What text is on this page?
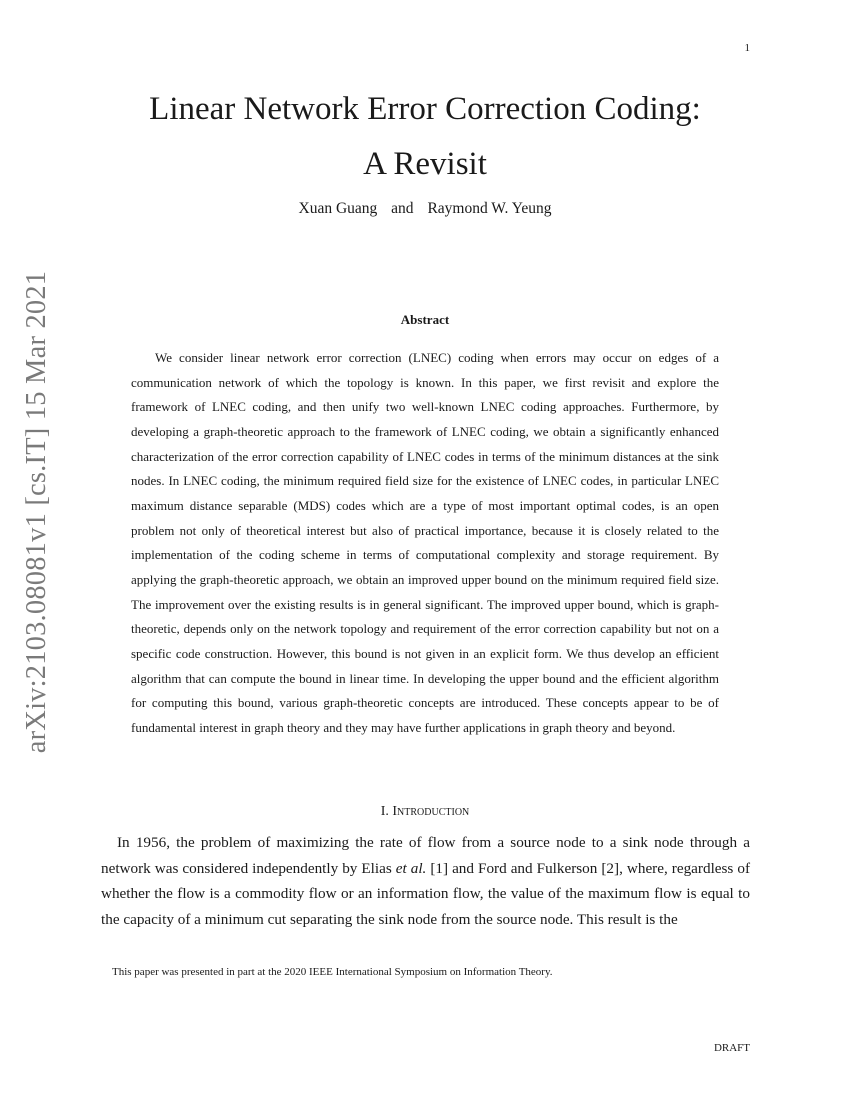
1
arXiv:2103.08081v1 [cs.IT] 15 Mar 2021
Linear Network Error Correction Coding:
A Revisit
Xuan Guang and Raymond W. Yeung
Abstract

We consider linear network error correction (LNEC) coding when errors may occur on edges of a communication network of which the topology is known. In this paper, we first revisit and explore the framework of LNEC coding, and then unify two well-known LNEC coding approaches. Furthermore, by developing a graph-theoretic approach to the framework of LNEC coding, we obtain a significantly enhanced characterization of the error correction capability of LNEC codes in terms of the minimum distances at the sink nodes. In LNEC coding, the minimum required field size for the existence of LNEC codes, in particular LNEC maximum distance separable (MDS) codes which are a type of most important optimal codes, is an open problem not only of theoretical interest but also of practical importance, because it is closely related to the implementation of the coding scheme in terms of computational complexity and storage requirement. By applying the graph-theoretic approach, we obtain an improved upper bound on the minimum required field size. The improvement over the existing results is in general significant. The improved upper bound, which is graph-theoretic, depends only on the network topology and requirement of the error correction capability but not on a specific code construction. However, this bound is not given in an explicit form. We thus develop an efficient algorithm that can compute the bound in linear time. In developing the upper bound and the efficient algorithm for computing this bound, various graph-theoretic concepts are introduced. These concepts appear to be of fundamental interest in graph theory and they may have further applications in graph theory and beyond.

I. Introduction

In 1956, the problem of maximizing the rate of flow from a source node to a sink node through a network was considered independently by Elias et al. [1] and Ford and Fulkerson [2], where, regardless of whether the flow is a commodity flow or an information flow, the value of the maximum flow is equal to the capacity of a minimum cut separating the sink node from the source node. This result is the

This paper was presented in part at the 2020 IEEE International Symposium on Information Theory.
DRAFT
